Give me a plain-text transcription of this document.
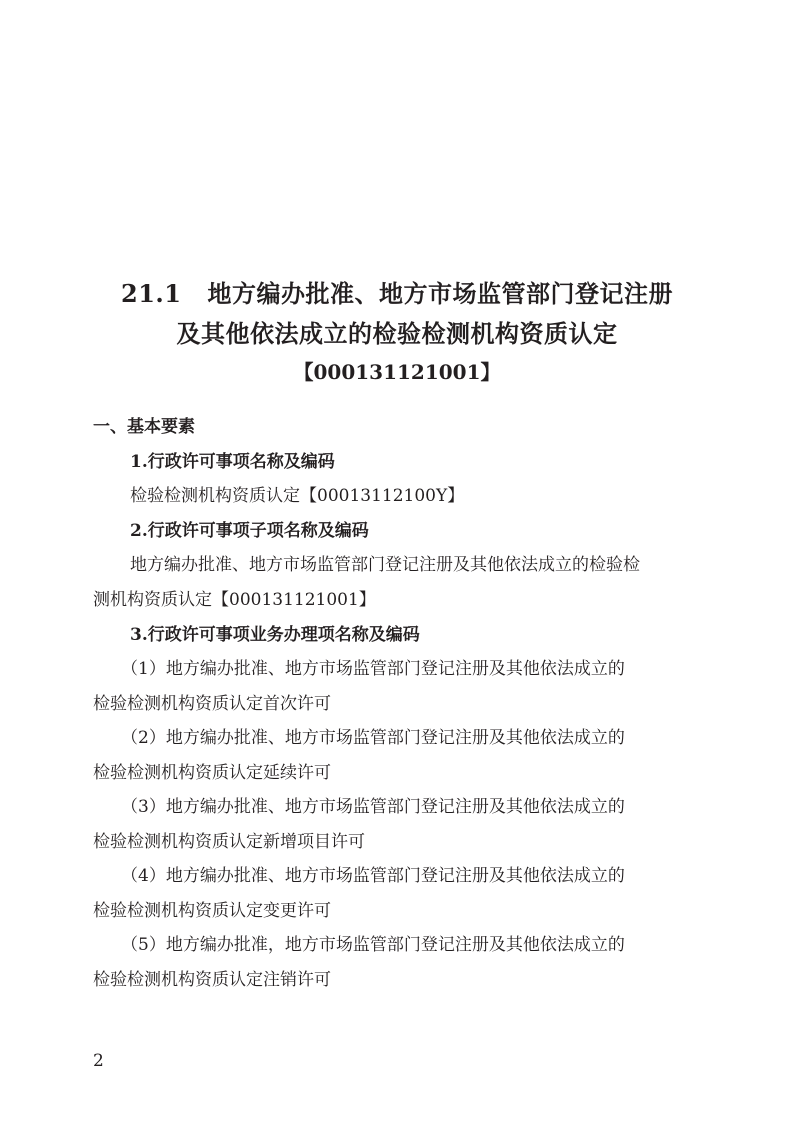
21.1 地方编办批准、地方市场监管部门登记注册
及其他依法成立的检验检测机构资质认定
【000131121001】
一、基本要素
1.行政许可事项名称及编码
检验检测机构资质认定【00013112100Y】
2.行政许可事项子项名称及编码
地方编办批准、地方市场监管部门登记注册及其他依法成立的检验检
测机构资质认定【000131121001】
3.行政许可事项业务办理项名称及编码
（1）地方编办批准、地方市场监管部门登记注册及其他依法成立的
检验检测机构资质认定首次许可
（2）地方编办批准、地方市场监管部门登记注册及其他依法成立的
检验检测机构资质认定延续许可
（3）地方编办批准、地方市场监管部门登记注册及其他依法成立的
检验检测机构资质认定新增项目许可
（4）地方编办批准、地方市场监管部门登记注册及其他依法成立的
检验检测机构资质认定变更许可
（5）地方编办批准，地方市场监管部门登记注册及其他依法成立的
检验检测机构资质认定注销许可
2
